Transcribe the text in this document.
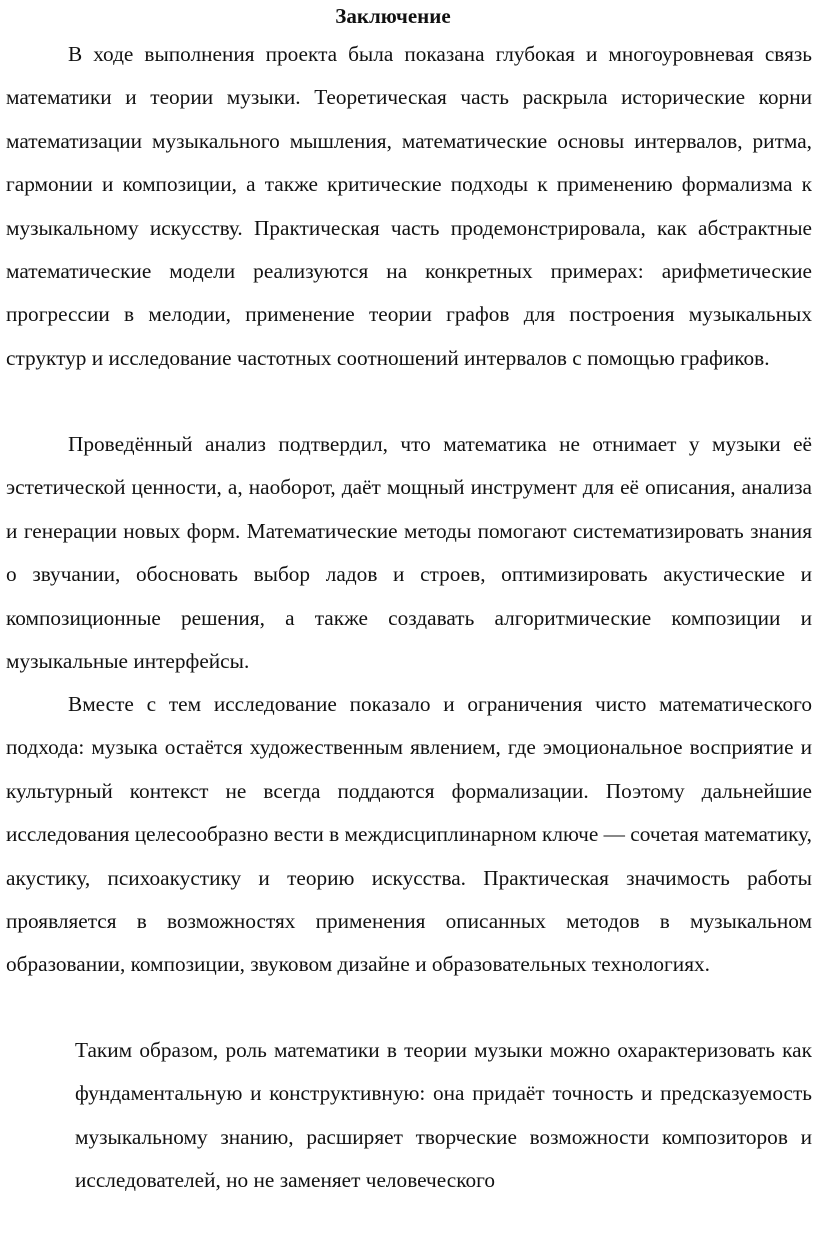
Заключение

В ходе выполнения проекта была показана глубокая и многоуровневая связь математики и теории музыки. Теоретическая часть раскрыла исторические корни математизации музыкального мышления, математические основы интервалов, ритма, гармонии и композиции, а также критические подходы к применению формализма к музыкальному искусству. Практическая часть продемонстрировала, как абстрактные математические модели реализуются на конкретных примерах: арифметические прогрессии в мелодии, применение теории графов для построения музыкальных структур и исследование частотных соотношений интервалов с помощью графиков.

Проведённый анализ подтвердил, что математика не отнимает у музыки её эстетической ценности, а, наоборот, даёт мощный инструмент для её описания, анализа и генерации новых форм. Математические методы помогают систематизировать знания о звучании, обосновать выбор ладов и строев, оптимизировать акустические и композиционные решения, а также создавать алгоритмические композиции и музыкальные интерфейсы.

Вместе с тем исследование показало и ограничения чисто математического подхода: музыка остаётся художественным явлением, где эмоциональное восприятие и культурный контекст не всегда поддаются формализации. Поэтому дальнейшие исследования целесообразно вести в междисциплинарном ключе — сочетая математику, акустику, психоакустику и теорию искусства. Практическая значимость работы проявляется в возможностях применения описанных методов в музыкальном образовании, композиции, звуковом дизайне и образовательных технологиях.

Таким образом, роль математики в теории музыки можно охарактеризовать как фундаментальную и конструктивную: она придаёт точность и предсказуемость музыкальному знанию, расширяет творческие возможности композиторов и исследователей, но не заменяет человеческого
